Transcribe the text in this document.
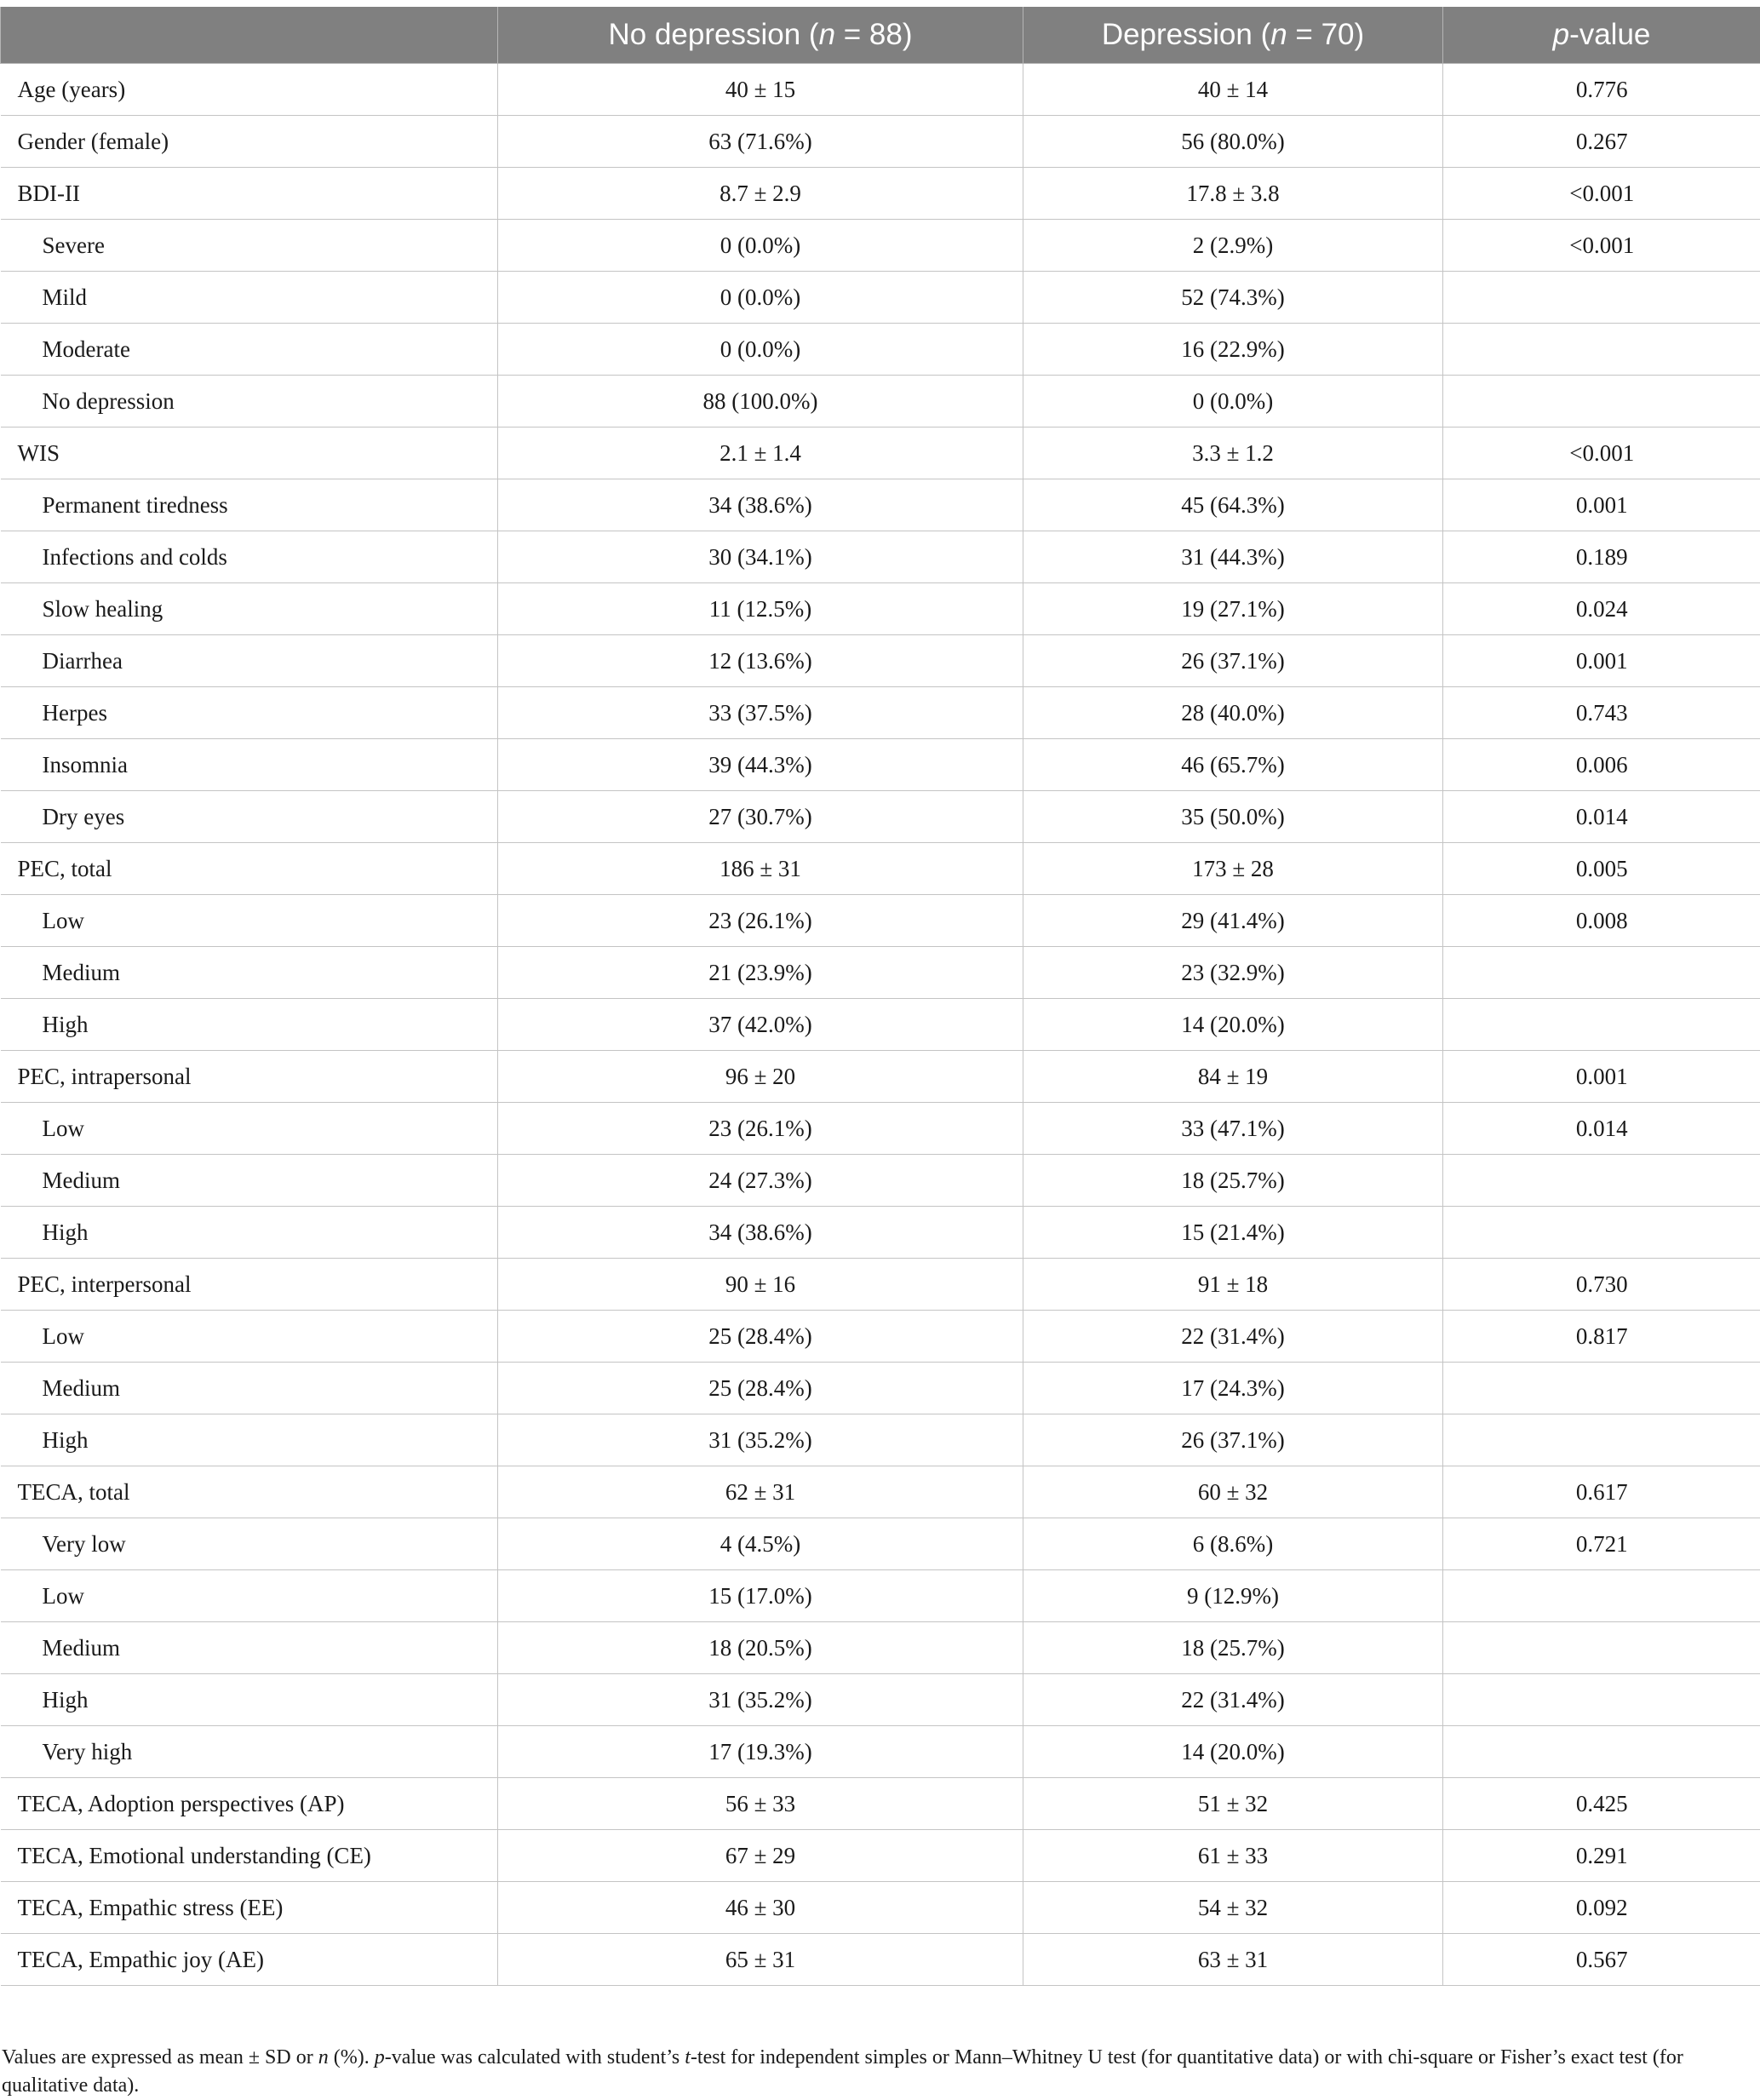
	No depression (n = 88)	Depression (n = 70)	p-value
Age (years)	40 ± 15	40 ± 14	0.776
Gender (female)	63 (71.6%)	56 (80.0%)	0.267
BDI-II	8.7 ± 2.9	17.8 ± 3.8	<0.001
Severe	0 (0.0%)	2 (2.9%)	<0.001
Mild	0 (0.0%)	52 (74.3%)	
Moderate	0 (0.0%)	16 (22.9%)	
No depression	88 (100.0%)	0 (0.0%)	
WIS	2.1 ± 1.4	3.3 ± 1.2	<0.001
Permanent tiredness	34 (38.6%)	45 (64.3%)	0.001
Infections and colds	30 (34.1%)	31 (44.3%)	0.189
Slow healing	11 (12.5%)	19 (27.1%)	0.024
Diarrhea	12 (13.6%)	26 (37.1%)	0.001
Herpes	33 (37.5%)	28 (40.0%)	0.743
Insomnia	39 (44.3%)	46 (65.7%)	0.006
Dry eyes	27 (30.7%)	35 (50.0%)	0.014
PEC, total	186 ± 31	173 ± 28	0.005
Low	23 (26.1%)	29 (41.4%)	0.008
Medium	21 (23.9%)	23 (32.9%)	
High	37 (42.0%)	14 (20.0%)	
PEC, intrapersonal	96 ± 20	84 ± 19	0.001
Low	23 (26.1%)	33 (47.1%)	0.014
Medium	24 (27.3%)	18 (25.7%)	
High	34 (38.6%)	15 (21.4%)	
PEC, interpersonal	90 ± 16	91 ± 18	0.730
Low	25 (28.4%)	22 (31.4%)	0.817
Medium	25 (28.4%)	17 (24.3%)	
High	31 (35.2%)	26 (37.1%)	
TECA, total	62 ± 31	60 ± 32	0.617
Very low	4 (4.5%)	6 (8.6%)	0.721
Low	15 (17.0%)	9 (12.9%)	
Medium	18 (20.5%)	18 (25.7%)	
High	31 (35.2%)	22 (31.4%)	
Very high	17 (19.3%)	14 (20.0%)	
TECA, Adoption perspectives (AP)	56 ± 33	51 ± 32	0.425
TECA, Emotional understanding (CE)	67 ± 29	61 ± 33	0.291
TECA, Empathic stress (EE)	46 ± 30	54 ± 32	0.092
TECA, Empathic joy (AE)	65 ± 31	63 ± 31	0.567
Values are expressed as mean ± SD or n (%). p-value was calculated with student’s t-test for independent simples or Mann–Whitney U test (for quantitative data) or with chi-square or Fisher’s exact test (for qualitative data).
